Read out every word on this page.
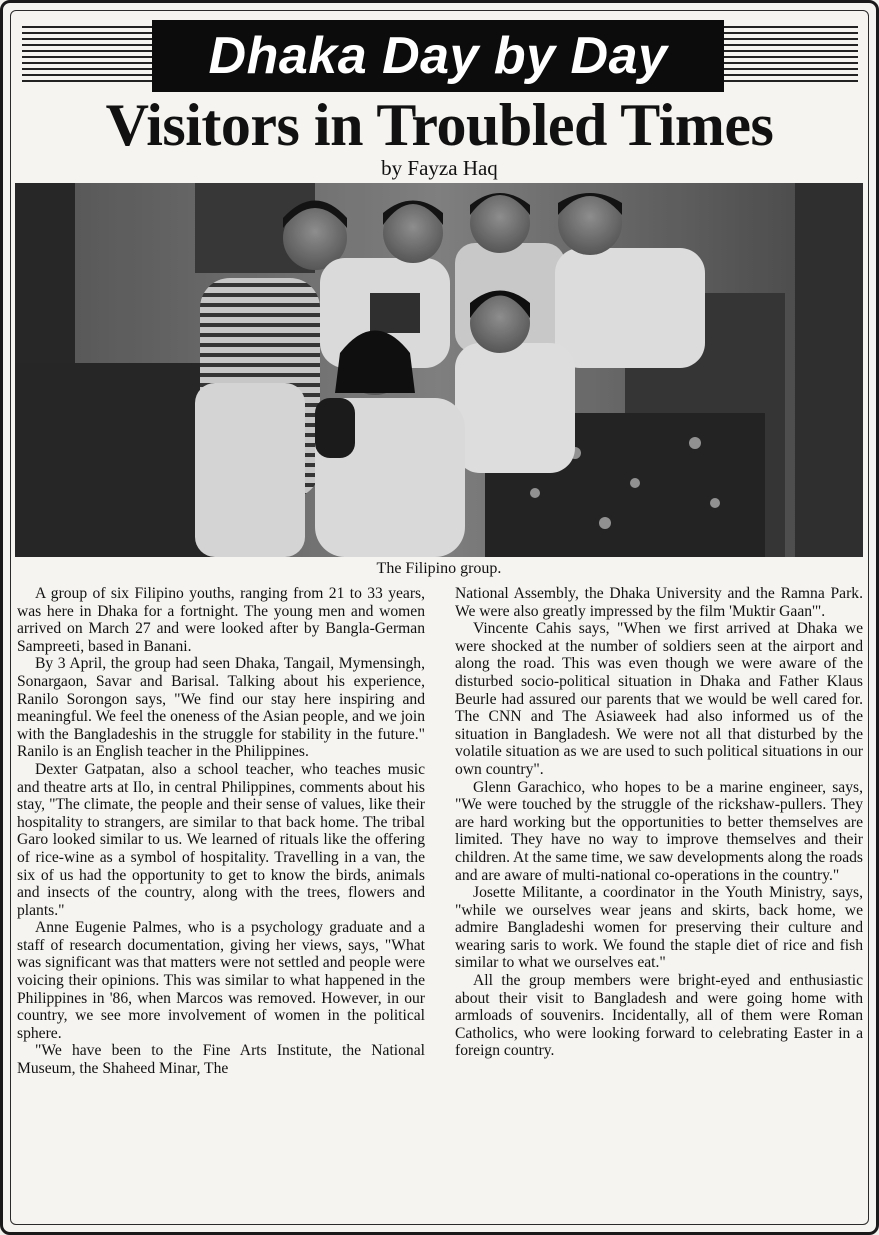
Dhaka Day by Day
Visitors in Troubled Times
by Fayza Haq
The Filipino group.

A group of six Filipino youths, ranging from 21 to 33 years, was here in Dhaka for a fortnight. The young men and women arrived on March 27 and were looked after by Bangla-German Sampreeti, based in Banani.

By 3 April, the group had seen Dhaka, Tangail, Mymensingh, Sonargaon, Savar and Barisal. Talking about his experience, Ranilo Sorongon says, "We find our stay here inspiring and meaningful. We feel the oneness of the Asian people, and we join with the Bangladeshis in the struggle for stability in the future." Ranilo is an English teacher in the Philippines.

Dexter Gatpatan, also a school teacher, who teaches music and theatre arts at Ilo, in central Philippines, comments about his stay, "The climate, the people and their sense of values, like their hospitality to strangers, are similar to that back home. The tribal Garo looked similar to us. We learned of rituals like the offering of rice-wine as a symbol of hospitality. Travelling in a van, the six of us had the opportunity to get to know the birds, animals and insects of the country, along with the trees, flowers and plants."

Anne Eugenie Palmes, who is a psychology graduate and a staff of research documentation, giving her views, says, "What was significant was that matters were not settled and people were voicing their opinions. This was similar to what happened in the Philippines in '86, when Marcos was removed. However, in our country, we see more involvement of women in the political sphere.

"We have been to the Fine Arts Institute, the National Museum, the Shaheed Minar, The

National Assembly, the Dhaka University and the Ramna Park. We were also greatly impressed by the film 'Muktir Gaan'".

Vincente Cahis says, "When we first arrived at Dhaka we were shocked at the number of soldiers seen at the airport and along the road. This was even though we were aware of the disturbed socio-political situation in Dhaka and Father Klaus Beurle had assured our parents that we would be well cared for. The CNN and The Asiaweek had also informed us of the situation in Bangladesh. We were not all that disturbed by the volatile situation as we are used to such political situations in our own country".

Glenn Garachico, who hopes to be a marine engineer, says, "We were touched by the struggle of the rickshaw-pullers. They are hard working but the opportunities to better themselves are limited. They have no way to improve themselves and their children. At the same time, we saw developments along the roads and are aware of multi-national co-operations in the country."

Josette Militante, a coordinator in the Youth Ministry, says, "while we ourselves wear jeans and skirts, back home, we admire Bangladeshi women for preserving their culture and wearing saris to work. We found the staple diet of rice and fish similar to what we ourselves eat."

All the group members were bright-eyed and enthusiastic about their visit to Bangladesh and were going home with armloads of souvenirs. Incidentally, all of them were Roman Catholics, who were looking forward to celebrating Easter in a foreign country.
